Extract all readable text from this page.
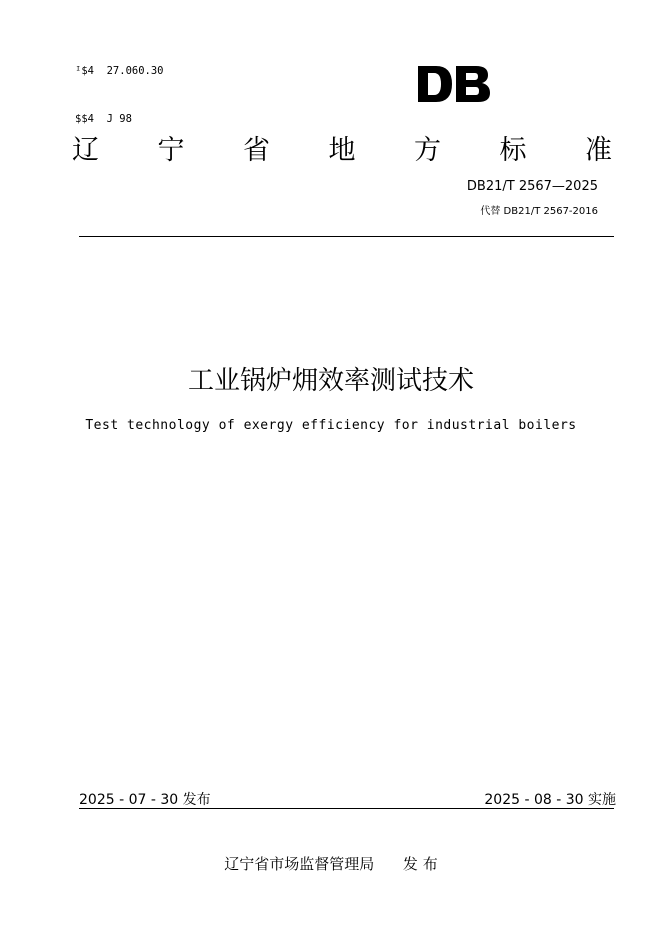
ᴵ$4  27.060.30

$$4  J 98

DB
辽 宁 省 地 方 标 准
DB21/T 2567—2025
代替 DB21/T 2567-2016
工业锅炉㶲效率测试技术
Test technology of exergy efficiency for industrial boilers
2025 - 07 - 30 发布	2025 - 08 - 30 实施
辽宁省市场监督管理局 发 布
